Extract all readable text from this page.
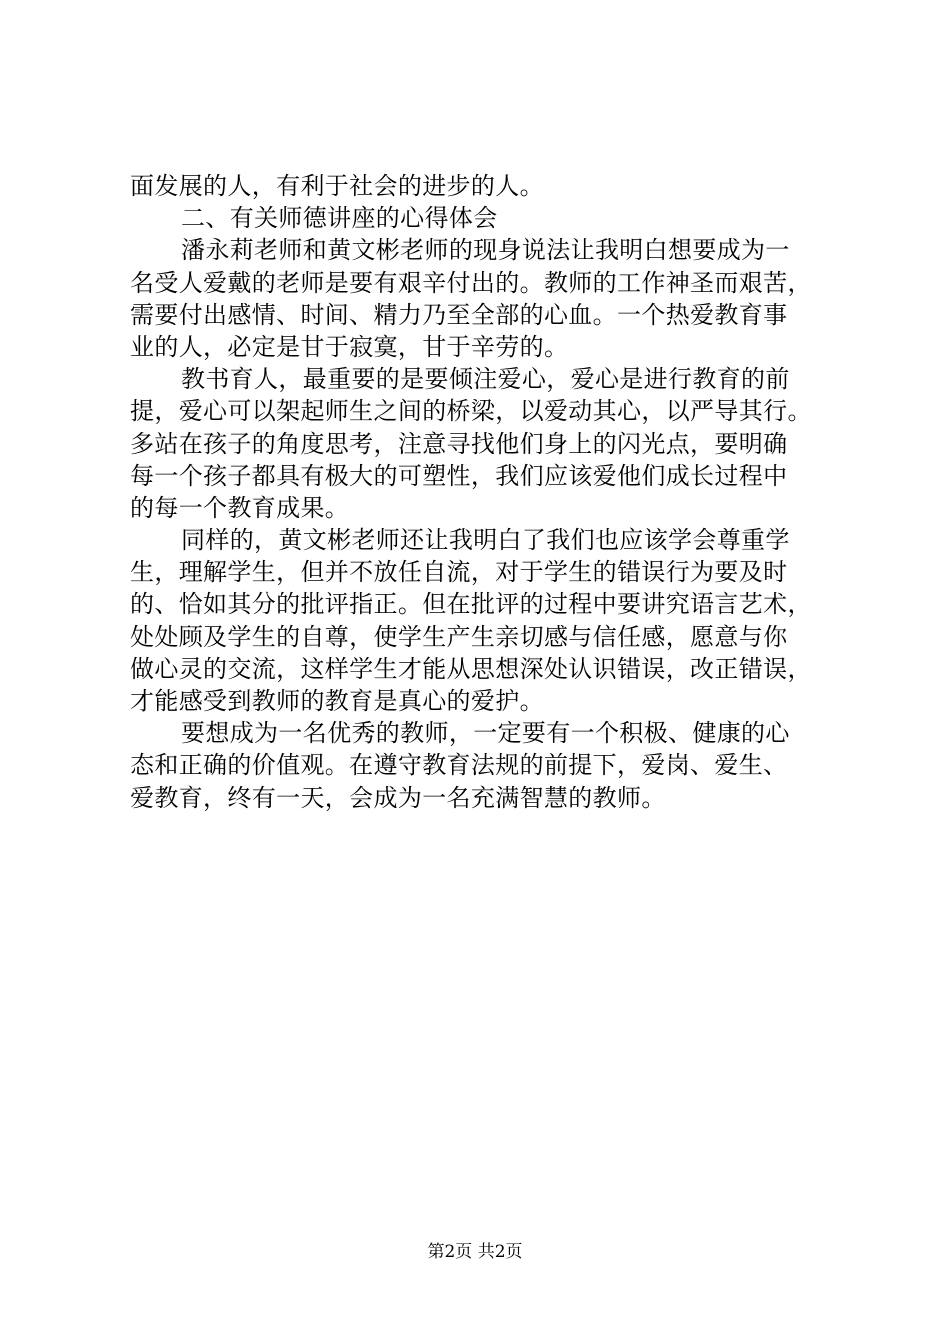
面发展的人，有利于社会的进步的人。
二、有关师德讲座的心得体会
潘永莉老师和黄文彬老师的现身说法让我明白想要成为一
名受人爱戴的老师是要有艰辛付出的。教师的工作神圣而艰苦，
需要付出感情、时间、精力乃至全部的心血。一个热爱教育事
业的人，必定是甘于寂寞，甘于辛劳的。
教书育人，最重要的是要倾注爱心，爱心是进行教育的前
提，爱心可以架起师生之间的桥梁，以爱动其心，以严导其行。
多站在孩子的角度思考，注意寻找他们身上的闪光点，要明确
每一个孩子都具有极大的可塑性，我们应该爱他们成长过程中
的每一个教育成果。
同样的，黄文彬老师还让我明白了我们也应该学会尊重学
生，理解学生，但并不放任自流，对于学生的错误行为要及时
的、恰如其分的批评指正。但在批评的过程中要讲究语言艺术，
处处顾及学生的自尊，使学生产生亲切感与信任感，愿意与你
做心灵的交流，这样学生才能从思想深处认识错误，改正错误，
才能感受到教师的教育是真心的爱护。
要想成为一名优秀的教师，一定要有一个积极、健康的心
态和正确的价值观。在遵守教育法规的前提下，爱岗、爱生、
爱教育，终有一天，会成为一名充满智慧的教师。
第2页 共2页
